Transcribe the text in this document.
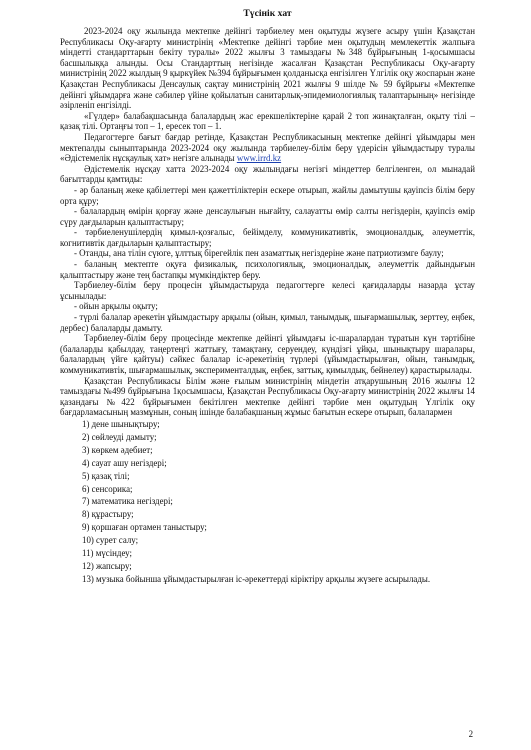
Түсінік хат

2023-2024 оқу жылында мектепке дейінгі тәрбиелеу мен оқытуды жүзеге асыру үшін Қазақстан Республикасы Оқу-ағарту министрінің «Мектепке дейінгі тәрбие мен оқытудың мемлекеттік жалпыға міндетті стандарттарын бекіту туралы» 2022 жылғы 3 тамыздағы №348 бұйрығының 1-қосымшасы басшылыққа алынды. Осы Стандарттың негізінде жасалған Қазақстан Республикасы Оқу-ағарту министрінің 2022 жылдың 9 қыркүйек №394 бұйрығымен қолданысқа енгізілген Үлгілік оқу жоспарын және Қазақстан Республикасы Денсаулық сақтау министрінің 2021 жылғы 9 шілде № 59 бұйрығы «Мектепке дейінгі ұйымдарға және сәбилер үйіне қойылатын санитарлық-эпидемиологиялық талаптарының» негізінде әзірленіп енгізілді.

«Гүлдер» балабақшасында балалардың жас ерекшеліктеріне қарай 2 топ жинақталған, оқыту тілі – қазақ тілі. Ортаңғы топ – 1, ересек топ – 1.

Педагогтерге бағыт бағдар ретінде, Қазақстан Республикасының мектепке дейінгі ұйымдары мен мектепалды сыныптарында 2023-2024 оқу жылында тәрбиелеу-білім беру үдерісін ұйымдастыру туралы «Әдістемелік нұсқаулық хат» негізге алынады www.irrd.kz

Әдістемелік нұсқау хатта 2023-2024 оқу жылындағы негізгі міндеттер белгіленген, ол мынадай бағыттарды қамтиды:

- әр баланың жеке қабілеттері мен қажеттіліктерін ескере отырып, жайлы дамытушы қауіпсіз білім беру орта құру;

- балалардың өмірін қорғау және денсаулығын нығайту, салауатты өмір салты негіздерін, қауіпсіз өмір сүру дағдыларын қалыптастыру;

- тәрбиеленушілердің қимыл-қозғалыс, бейімделу, коммуникативтік, эмоционалдық, әлеуметтік, когнитивтік дағдыларын қалыптастыру;

- Отанды, ана тілін сүюге, ұлттық бірегейлік пен азаматтық негіздеріне және патриотизмге баулу;

- баланың мектепте оқуға физикалық, психологиялық, эмоционалдық, әлеуметтік дайындығын қалыптастыру және тең бастапқы мүмкіндіктер беру.

Тәрбиелеу-білім беру процесін ұйымдастыруда педагогтерге келесі қағидаларды назарда ұстау ұсынылады:

- ойын арқылы оқыту;

- түрлі балалар әрекетін ұйымдастыру арқылы (ойын, қимыл, танымдық, шығармашылық, зерттеу, еңбек, дербес) балаларды дамыту.

Тәрбиелеу-білім беру процесінде мектепке дейінгі ұйымдағы іс-шаралардан тұратын күн тәртібіне (балаларды қабылдау, таңертеңгі жаттығу, тамақтану, серуендеу, күндізгі ұйқы, шынықтыру шаралары, балалардың үйге қайтуы) сәйкес балалар іс-әрекетінің түрлері (ұйымдастырылған, ойын, танымдық, коммуникативтік, шығармашылық, эксперименталдық, еңбек, заттық, қимылдық, бейнелеу) қарастырылады.

Қазақстан Республикасы Білім және ғылым министрінің міндетін атқарушының 2016 жылғы 12 тамыздағы №499 бұйрығына 1қосымшасы, Қазақстан Республикасы Оқу-ағарту министрінің 2022 жылғы 14 қазандағы №422 бұйрығымен бекітілген мектепке дейінгі тәрбие мен оқытудың Үлгілік оқу бағдарламасының мазмұнын, соның ішінде балабақшаның жұмыс бағытын ескере отырып, балалармен

1) дене шынықтыру;
2) сөйлеуді дамыту;
3) көркем әдебиет;
4) сауат ашу негіздері;
5) қазақ тілі;
6) сенсорика;
7) математика негіздері;
8) құрастыру;
9) қоршаған ортамен таныстыру;
10) сурет салу;
11) мүсіндеу;
12) жапсыру;
13) музыка бойынша ұйымдастырылған іс-әрекеттерді кіріктіру арқылы жүзеге асырылады.
2
